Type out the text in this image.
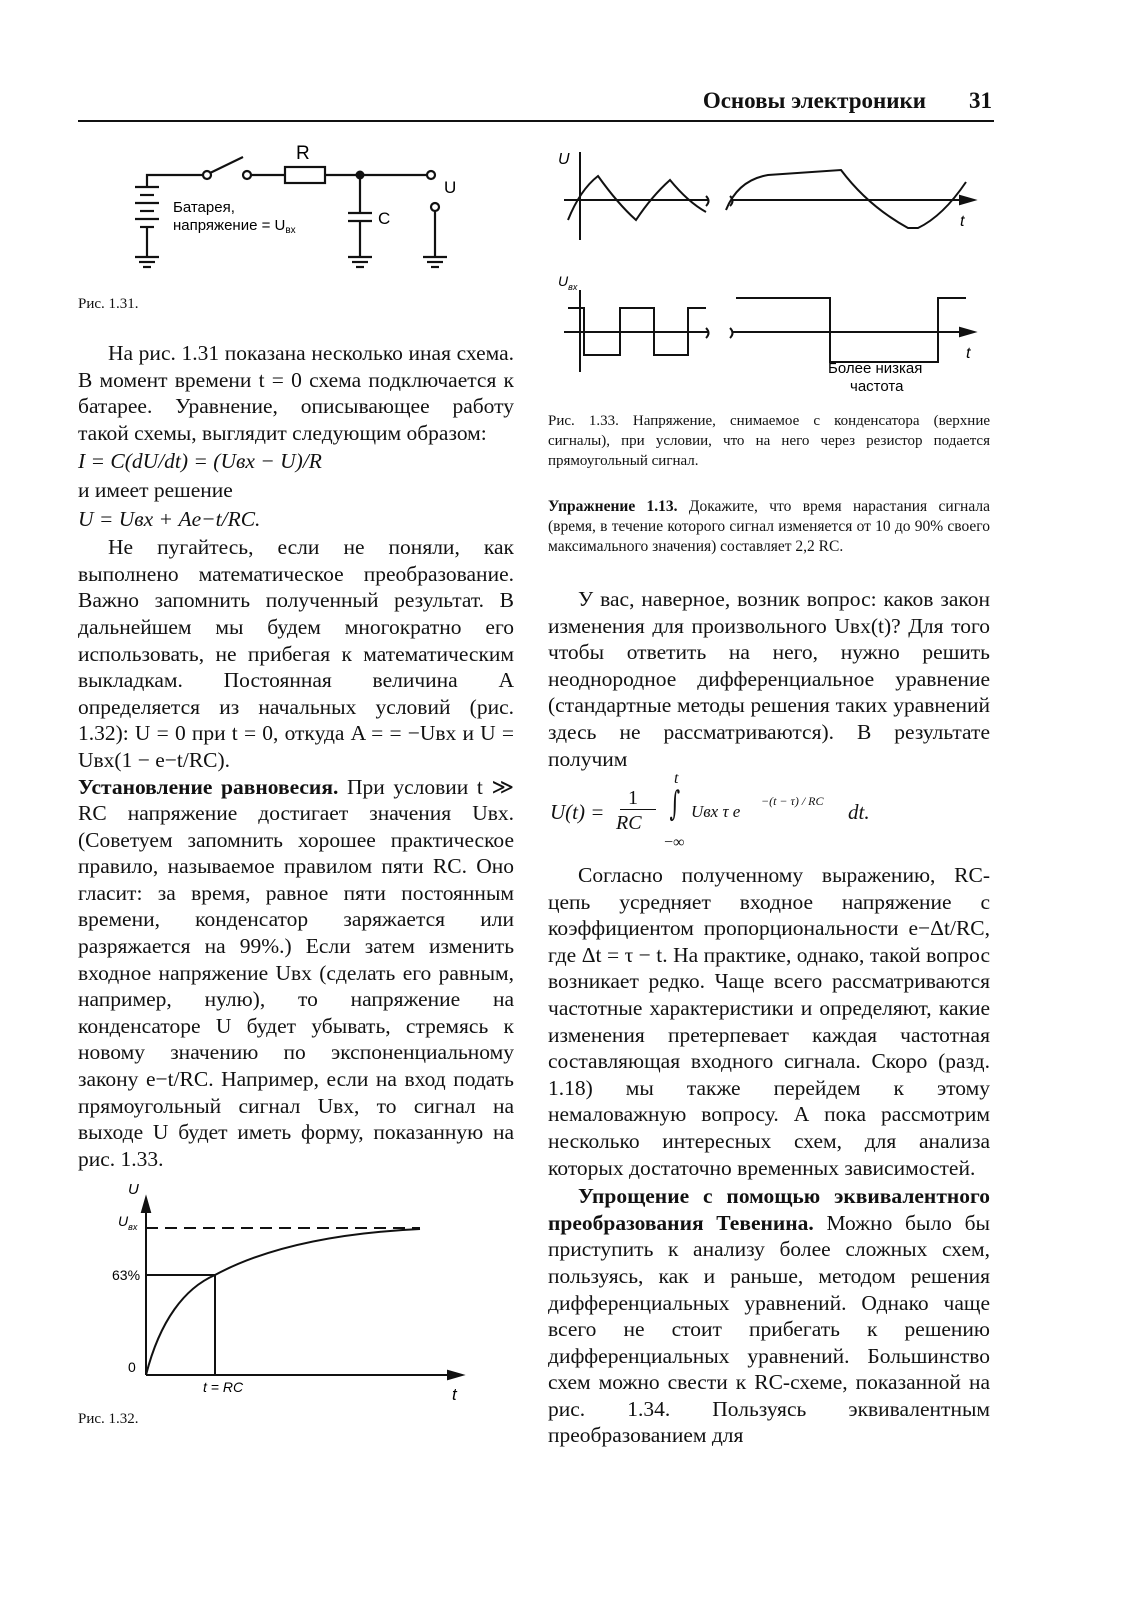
Основы электроники 31
R
U
C
Батарея,
напряжение = $U_{вх}$
Рис. 1.31.

На рис. 1.31 показана несколько иная схема. В момент времени t = 0 схема подключается к батарее. Уравнение, описывающее работу такой схемы, выглядит следующим образом:

I = C(dU/dt) = (Uвх − U)/R

и имеет решение

U = Uвх + Ae−t/RC.

Не пугайтесь, если не поняли, как выполнено математическое преобразование. Важно запомнить полученный результат. В дальнейшем мы будем многократно его использовать, не прибегая к математическим выкладкам. Постоянная величина A определяется из начальных условий (рис. 1.32): U = 0 при t = 0, откуда A = = −Uвх и U = Uвх(1 − e−t/RC).

Установление равновесия. При условии t ≫ RC напряжение достигает значения Uвх. (Советуем запомнить хорошее практическое правило, называемое правилом пяти RC. Оно гласит: за время, равное пяти постоянным времени, конденсатор заряжается или разряжается на 99%.) Если затем изменить входное напряжение Uвх (сделать его равным, например, нулю), то напряжение на конденсаторе U будет убывать, стремясь к новому значению по экспоненциальному закону e−t/RC. Например, если на вход подать прямоугольный сигнал Uвх, то сигнал на выходе U будет иметь форму, показанную на рис. 1.33.

U
$U_{вх}$
63%
0
t = RC	t
Рис. 1.32.
U
t
$U_{вх}$
t
Более низкая
частота
Рис. 1.33. Напряжение, снимаемое с конденсатора (верхние сигналы), при условии, что на него через резистор подается прямоугольный сигнал.
Упражнение 1.13. Докажите, что время нарастания сигнала (время, в течение которого сигнал изменяется от 10 до 90% своего максимального значения) составляет 2,2 RC.

У вас, наверное, возник вопрос: каков закон изменения для произвольного Uвх(t)? Для того чтобы ответить на него, нужно решить неоднородное дифференциальное уравнение (стандартные методы решения таких уравнений здесь не рассматриваются). В результате получим

U(t) =
1
RC ∫
t
−∞
Uвх τ e
−(t − τ) / RC dt.

Согласно полученному выражению, RC-цепь усредняет входное напряжение с коэффициентом пропорциональности e−Δt/RC, где Δt = τ − t. На практике, однако, такой вопрос возникает редко. Чаще всего рассматриваются частотные характеристики и определяют, какие изменения претерпевает каждая частотная составляющая входного сигнала. Скоро (разд. 1.18) мы также перейдем к этому немаловажную вопросу. А пока рассмотрим несколько интересных схем, для анализа которых достаточно временных зависимостей.

Упрощение с помощью эквивалентного преобразования Тевенина. Можно было бы приступить к анализу более сложных схем, пользуясь, как и раньше, методом решения дифференциальных уравнений. Однако чаще всего не стоит прибегать к решению дифференциальных уравнений. Большинство схем можно свести к RC-схеме, показанной на рис. 1.34. Пользуясь эквивалентным преобразованием для
